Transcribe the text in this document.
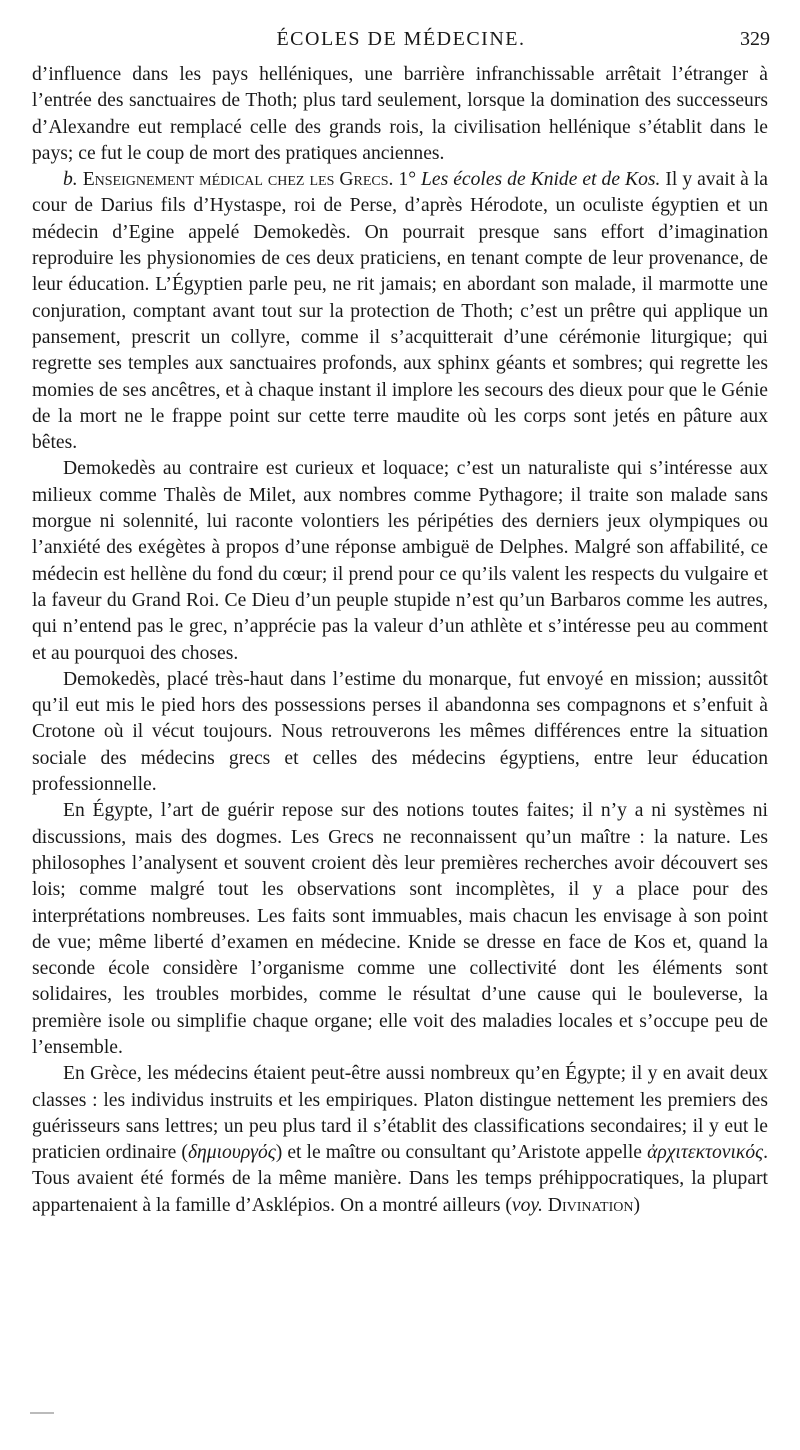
ÉCOLES DE MÉDECINE.	329

d’influence dans les pays helléniques, une barrière infranchissable arrêtait l’étranger à l’entrée des sanctuaires de Thoth; plus tard seulement, lorsque la domination des successeurs d’Alexandre eut remplacé celle des grands rois, la civilisation hellénique s’établit dans le pays; ce fut le coup de mort des pratiques anciennes.

b. Enseignement médical chez les Grecs. 1° Les écoles de Knide et de Kos. Il y avait à la cour de Darius fils d’Hystaspe, roi de Perse, d’après Hérodote, un oculiste égyptien et un médecin d’Egine appelé Demokedès. On pourrait presque sans effort d’imagination reproduire les physionomies de ces deux praticiens, en tenant compte de leur provenance, de leur éducation. L’Égyptien parle peu, ne rit jamais; en abordant son malade, il marmotte une conjuration, comptant avant tout sur la protection de Thoth; c’est un prêtre qui applique un pansement, prescrit un collyre, comme il s’acquitterait d’une cérémonie liturgique; qui regrette ses temples aux sanctuaires profonds, aux sphinx géants et sombres; qui regrette les momies de ses ancêtres, et à chaque instant il implore les secours des dieux pour que le Génie de la mort ne le frappe point sur cette terre maudite où les corps sont jetés en pâture aux bêtes.

Demokedès au contraire est curieux et loquace; c’est un naturaliste qui s’intéresse aux milieux comme Thalès de Milet, aux nombres comme Pythagore; il traite son malade sans morgue ni solennité, lui raconte volontiers les péripéties des derniers jeux olympiques ou l’anxiété des exégètes à propos d’une réponse ambiguë de Delphes. Malgré son affabilité, ce médecin est hellène du fond du cœur; il prend pour ce qu’ils valent les respects du vulgaire et la faveur du Grand Roi. Ce Dieu d’un peuple stupide n’est qu’un Barbaros comme les autres, qui n’entend pas le grec, n’apprécie pas la valeur d’un athlète et s’intéresse peu au comment et au pourquoi des choses.

Demokedès, placé très-haut dans l’estime du monarque, fut envoyé en mission; aussitôt qu’il eut mis le pied hors des possessions perses il abandonna ses compagnons et s’enfuit à Crotone où il vécut toujours. Nous retrouverons les mêmes différences entre la situation sociale des médecins grecs et celles des médecins égyptiens, entre leur éducation professionnelle.

En Égypte, l’art de guérir repose sur des notions toutes faites; il n’y a ni systèmes ni discussions, mais des dogmes. Les Grecs ne reconnaissent qu’un maître : la nature. Les philosophes l’analysent et souvent croient dès leur premières recherches avoir découvert ses lois; comme malgré tout les observations sont incomplètes, il y a place pour des interprétations nombreuses. Les faits sont immuables, mais chacun les envisage à son point de vue; même liberté d’examen en médecine. Knide se dresse en face de Kos et, quand la seconde école considère l’organisme comme une collectivité dont les éléments sont solidaires, les troubles morbides, comme le résultat d’une cause qui le bouleverse, la première isole ou simplifie chaque organe; elle voit des maladies locales et s’occupe peu de l’ensemble.

En Grèce, les médecins étaient peut-être aussi nombreux qu’en Égypte; il y en avait deux classes : les individus instruits et les empiriques. Platon distingue nettement les premiers des guérisseurs sans lettres; un peu plus tard il s’établit des classifications secondaires; il y eut le praticien ordinaire (δημιουργός) et le maître ou consultant qu’Aristote appelle ἀρχιτεκτονικός. Tous avaient été formés de la même manière. Dans les temps préhippocratiques, la plupart appartenaient à la famille d’Asklépios. On a montré ailleurs (voy. Divination)
